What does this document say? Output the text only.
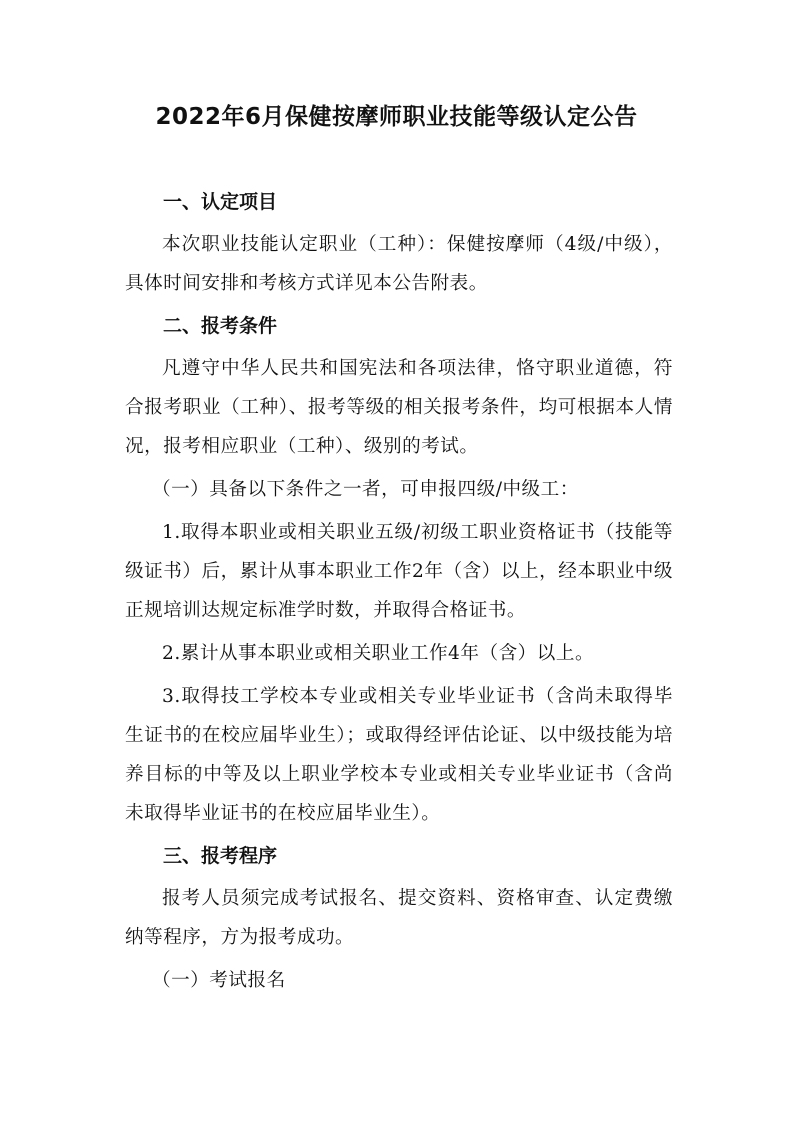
2022年6月保健按摩师职业技能等级认定公告

一、认定项目

本次职业技能认定职业（工种）：保健按摩师（4级/中级），具体时间安排和考核方式详见本公告附表。

二、报考条件

凡遵守中华人民共和国宪法和各项法律，恪守职业道德，符合报考职业（工种）、报考等级的相关报考条件，均可根据本人情况，报考相应职业（工种）、级别的考试。

（一）具备以下条件之一者，可申报四级/中级工：

1.取得本职业或相关职业五级/初级工职业资格证书（技能等级证书）后，累计从事本职业工作2年（含）以上，经本职业中级正规培训达规定标准学时数，并取得合格证书。

2.累计从事本职业或相关职业工作4年（含）以上。

3.取得技工学校本专业或相关专业毕业证书（含尚未取得毕生证书的在校应届毕业生）；或取得经评估论证、以中级技能为培养目标的中等及以上职业学校本专业或相关专业毕业证书（含尚未取得毕业证书的在校应届毕业生）。

三、报考程序

报考人员须完成考试报名、提交资料、资格审查、认定费缴纳等程序，方为报考成功。

（一）考试报名
